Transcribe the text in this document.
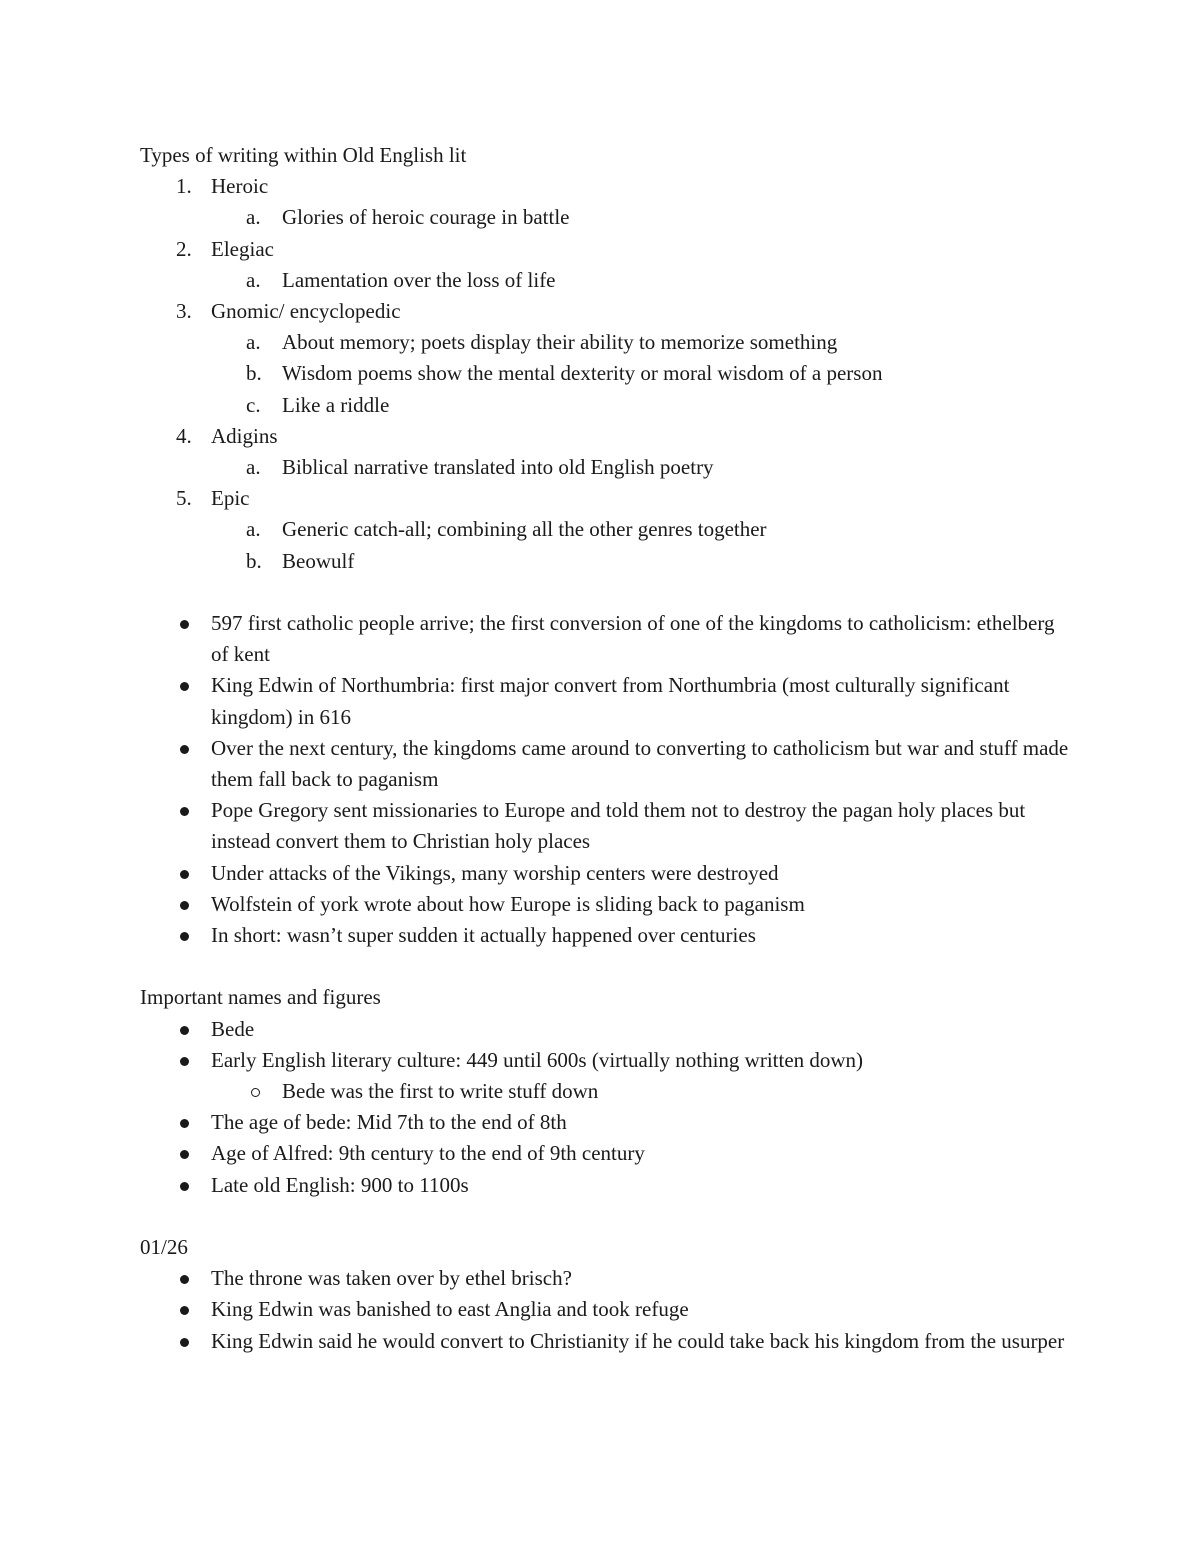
Types of writing within Old English lit
1. Heroic
a. Glories of heroic courage in battle
2. Elegiac
a. Lamentation over the loss of life
3. Gnomic/ encyclopedic
a. About memory; poets display their ability to memorize something
b. Wisdom poems show the mental dexterity or moral wisdom of a person
c. Like a riddle
4. Adigins
a. Biblical narrative translated into old English poetry
5. Epic
a. Generic catch-all; combining all the other genres together
b. Beowulf
597 first catholic people arrive; the first conversion of one of the kingdoms to catholicism: ethelberg of kent
King Edwin of Northumbria: first major convert from Northumbria (most culturally significant kingdom) in 616
Over the next century, the kingdoms came around to converting to catholicism but war and stuff made them fall back to paganism
Pope Gregory sent missionaries to Europe and told them not to destroy the pagan holy places but instead convert them to Christian holy places
Under attacks of the Vikings, many worship centers were destroyed
Wolfstein of york wrote about how Europe is sliding back to paganism
In short: wasn’t super sudden it actually happened over centuries
Important names and figures
Bede
Early English literary culture: 449 until 600s (virtually nothing written down)
Bede was the first to write stuff down
The age of bede: Mid 7th to the end of 8th
Age of Alfred: 9th century to the end of 9th century
Late old English: 900 to 1100s
01/26
The throne was taken over by ethel brisch?
King Edwin was banished to east Anglia and took refuge
King Edwin said he would convert to Christianity if he could take back his kingdom from the usurper
